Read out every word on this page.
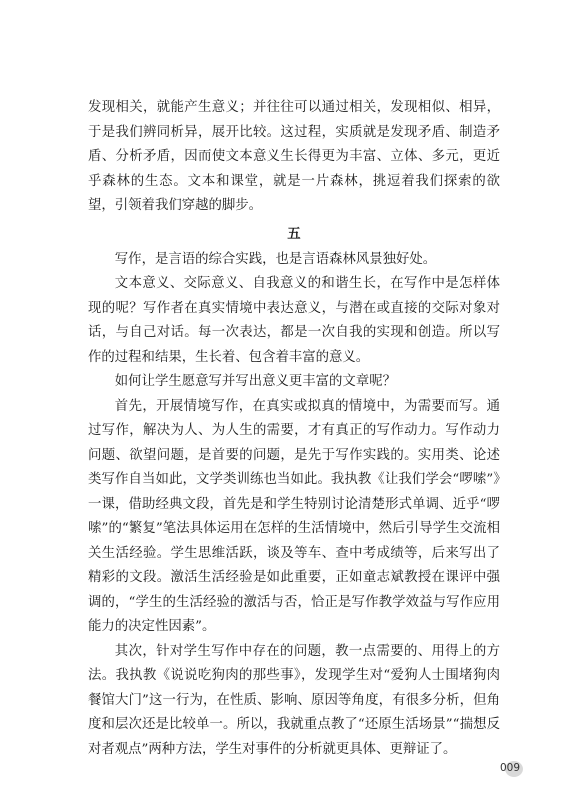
发现相关，就能产生意义；并往往可以通过相关，发现相似、相异，于是我们辨同析异，展开比较。这过程，实质就是发现矛盾、制造矛盾、分析矛盾，因而使文本意义生长得更为丰富、立体、多元，更近乎森林的生态。文本和课堂，就是一片森林，挑逗着我们探索的欲望，引领着我们穿越的脚步。

五

写作，是言语的综合实践，也是言语森林风景独好处。

文本意义、交际意义、自我意义的和谐生长，在写作中是怎样体现的呢？写作者在真实情境中表达意义，与潜在或直接的交际对象对话，与自己对话。每一次表达，都是一次自我的实现和创造。所以写作的过程和结果，生长着、包含着丰富的意义。

如何让学生愿意写并写出意义更丰富的文章呢？

首先，开展情境写作，在真实或拟真的情境中，为需要而写。通过写作，解决为人、为人生的需要，才有真正的写作动力。写作动力问题、欲望问题，是首要的问题，是先于写作实践的。实用类、论述类写作自当如此，文学类训练也当如此。我执教《让我们学会“啰嗦”》一课，借助经典文段，首先是和学生特别讨论清楚形式单调、近乎“啰嗦”的“繁复”笔法具体运用在怎样的生活情境中，然后引导学生交流相关生活经验。学生思维活跃，谈及等车、查中考成绩等，后来写出了精彩的文段。激活生活经验是如此重要，正如童志斌教授在课评中强调的，“学生的生活经验的激活与否，恰正是写作教学效益与写作应用能力的决定性因素”。

其次，针对学生写作中存在的问题，教一点需要的、用得上的方法。我执教《说说吃狗肉的那些事》，发现学生对“爱狗人士围堵狗肉餐馆大门”这一行为，在性质、影响、原因等角度，有很多分析，但角度和层次还是比较单一。所以，我就重点教了“还原生活场景”“揣想反对者观点”两种方法，学生对事件的分析就更具体、更辩证了。

009
